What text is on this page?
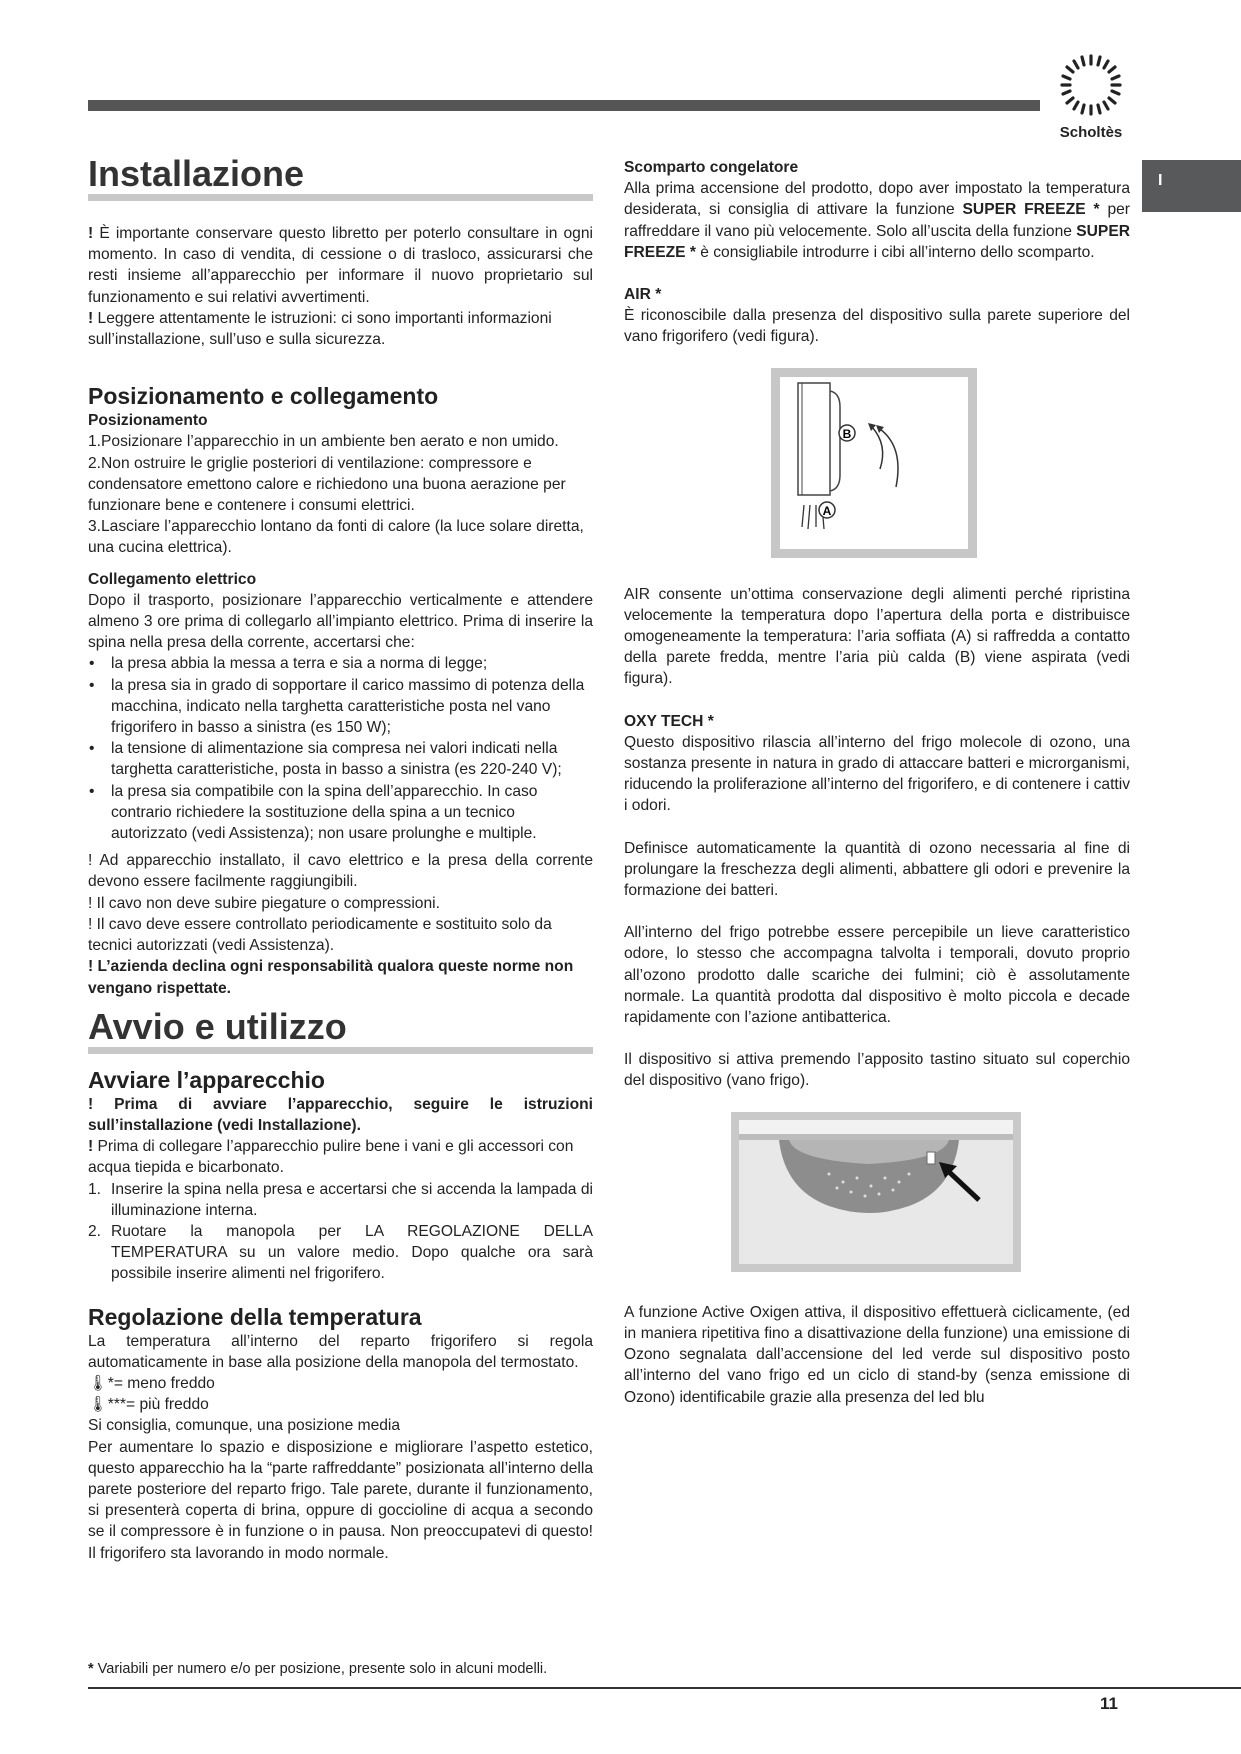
Scholtès
I
Installazione

! È importante conservare questo libretto per poterlo consultare in ogni momento. In caso di vendita, di cessione o di trasloco, assicurarsi che resti insieme all’apparecchio per informare il nuovo proprietario sul funzionamento e sui relativi avvertimenti.

! Leggere attentamente le istruzioni: ci sono importanti informazioni sull’installazione, sull’uso e sulla sicurezza.

Posizionamento e collegamento

Posizionamento

1.Posizionare l’apparecchio in un ambiente ben aerato e non umido.

2.Non ostruire le griglie posteriori di ventilazione: compressore e condensatore emettono calore e richiedono una buona aerazione per funzionare bene e contenere i consumi elettrici.

3.Lasciare l’apparecchio lontano da fonti di calore (la luce solare diretta, una cucina elettrica).

Collegamento elettrico

Dopo il trasporto, posizionare l’apparecchio verticalmente e attendere almeno 3 ore prima di collegarlo all’impianto elettrico. Prima di inserire la spina nella presa della corrente, accertarsi che:

• la presa abbia la messa a terra e sia a norma di legge;
• la presa sia in grado di sopportare il carico massimo di potenza della macchina, indicato nella targhetta caratteristiche posta nel vano frigorifero in basso a sinistra (es 150 W);
• la tensione di alimentazione sia compresa nei valori indicati nella targhetta caratteristiche, posta in basso a sinistra (es 220-240 V);
• la presa sia compatibile con la spina dell’apparecchio. In caso contrario richiedere la sostituzione della spina a un tecnico autorizzato (vedi Assistenza); non usare prolunghe e multiple.

! Ad apparecchio installato, il cavo elettrico e la presa della corrente devono essere facilmente raggiungibili.

! Il cavo non deve subire piegature o compressioni.

! Il cavo deve essere controllato periodicamente e sostituito solo da tecnici autorizzati (vedi Assistenza).

! L’azienda declina ogni responsabilità qualora queste norme non vengano rispettate.

Avvio e utilizzo
Avviare l’apparecchio

! Prima di avviare l’apparecchio, seguire le istruzioni sull’installazione (vedi Installazione).

! Prima di collegare l’apparecchio pulire bene i vani e gli accessori con acqua tiepida e bicarbonato.

1. Inserire la spina nella presa e accertarsi che si accenda la lampada di illuminazione interna.
2. Ruotare la manopola per LA REGOLAZIONE DELLA TEMPERATURA su un valore medio. Dopo qualche ora sarà possibile inserire alimenti nel frigorifero.
Regolazione della temperatura

La temperatura all’interno del reparto frigorifero si regola automaticamente in base alla posizione della manopola del termostato.

🌡*= meno freddo

🌡***= più freddo

Si consiglia, comunque, una posizione media

Per aumentare lo spazio e disposizione e migliorare l’aspetto estetico, questo apparecchio ha la “parte raffreddante” posizionata all’interno della parete posteriore del reparto frigo. Tale parete, durante il funzionamento, si presenterà coperta di brina, oppure di goccioline di acqua a secondo se il compressore è in funzione o in pausa. Non preoccupatevi di questo! Il frigorifero sta lavorando in modo normale.

Scomparto congelatore

Alla prima accensione del prodotto, dopo aver impostato la temperatura desiderata, si consiglia di attivare la funzione SUPER FREEZE * per raffreddare il vano più velocemente. Solo all’uscita della funzione SUPER FREEZE * è consigliabile introdurre i cibi all’interno dello scomparto.

AIR *

È riconoscibile dalla presenza del dispositivo sulla parete superiore del vano frigorifero (vedi figura).

B
A

AIR consente un’ottima conservazione degli alimenti perché ripristina velocemente la temperatura dopo l’apertura della porta e distribuisce omogeneamente la temperatura: l’aria soffiata (A) si raffredda a contatto della parete fredda, mentre l’aria più calda (B) viene aspirata (vedi figura).

OXY TECH *

Questo dispositivo rilascia all’interno del frigo molecole di ozono, una sostanza presente in natura in grado di attaccare batteri e microrganismi, riducendo la proliferazione all’interno del frigorifero, e di contenere i cattiv i odori.

Definisce automaticamente la quantità di ozono necessaria al fine di prolungare la freschezza degli alimenti, abbattere gli odori e prevenire la formazione dei batteri.

All’interno del frigo potrebbe essere percepibile un lieve caratteristico odore, lo stesso che accompagna talvolta i temporali, dovuto proprio all’ozono prodotto dalle scariche dei fulmini; ciò è assolutamente normale. La quantità prodotta dal dispositivo è molto piccola e decade rapidamente con l’azione antibatterica.

Il dispositivo si attiva premendo l’apposito tastino situato sul coperchio del dispositivo (vano frigo).

A funzione Active Oxigen attiva, il dispositivo effettuerà ciclicamente, (ed in maniera ripetitiva fino a disattivazione della funzione) una emissione di Ozono segnalata dall’accensione del led verde sul dispositivo posto all’interno del vano frigo ed un ciclo di stand-by (senza emissione di Ozono) identificabile grazie alla presenza del led blu

* Variabili per numero e/o per posizione, presente solo in alcuni modelli.
11
